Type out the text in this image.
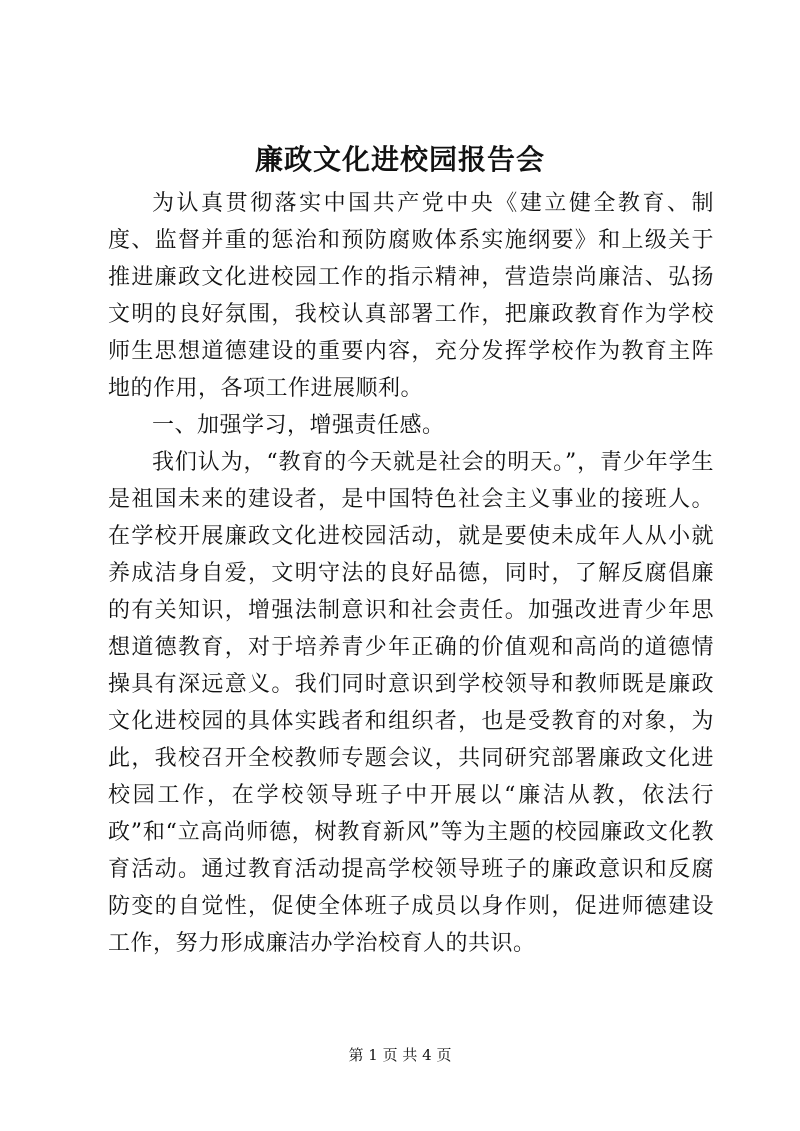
廉政文化进校园报告会

为认真贯彻落实中国共产党中央《建立健全教育、制度、监督并重的惩治和预防腐败体系实施纲要》和上级关于推进廉政文化进校园工作的指示精神，营造崇尚廉洁、弘扬文明的良好氛围，我校认真部署工作，把廉政教育作为学校师生思想道德建设的重要内容，充分发挥学校作为教育主阵地的作用，各项工作进展顺利。

一、加强学习，增强责任感。

我们认为，“教育的今天就是社会的明天。”，青少年学生是祖国未来的建设者，是中国特色社会主义事业的接班人。在学校开展廉政文化进校园活动，就是要使未成年人从小就养成洁身自爱，文明守法的良好品德，同时，了解反腐倡廉的有关知识，增强法制意识和社会责任。加强改进青少年思想道德教育，对于培养青少年正确的价值观和高尚的道德情操具有深远意义。我们同时意识到学校领导和教师既是廉政文化进校园的具体实践者和组织者，也是受教育的对象，为此，我校召开全校教师专题会议，共同研究部署廉政文化进校园工作，在学校领导班子中开展以“廉洁从教，依法行政”和“立高尚师德，树教育新风”等为主题的校园廉政文化教育活动。通过教育活动提高学校领导班子的廉政意识和反腐防变的自觉性，促使全体班子成员以身作则，促进师德建设工作，努力形成廉洁办学治校育人的共识。

第 1 页 共 4 页
